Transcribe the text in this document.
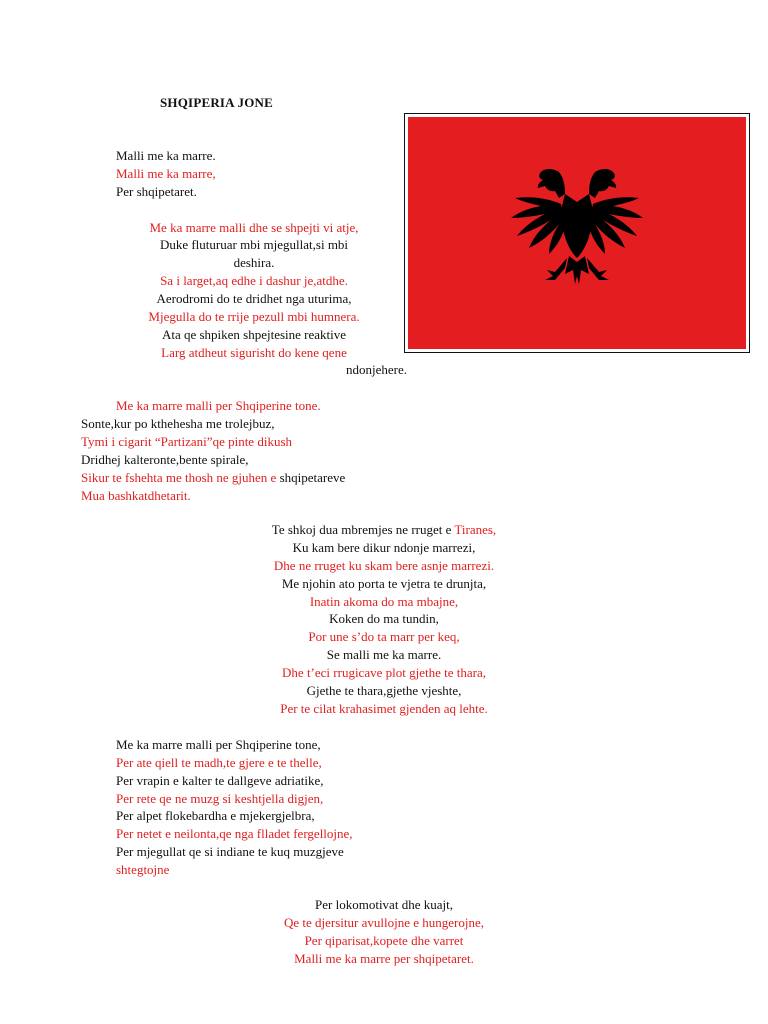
SHQIPERIA JONE
Malli me ka marre.
Malli me ka marre,
Per shqipetaret.
Me ka marre malli dhe se shpejti vi atje,
Duke fluturuar mbi mjegullat,si mbi
deshira.
Sa i larget,aq edhe i dashur je,atdhe.
Aerodromi do te dridhet nga uturima,
Mjegulla do te rrije pezull mbi humnera.
Ata qe shpiken shpejtesine reaktive
Larg atdheut sigurisht do kene qene
ndonjehere.
Me ka marre malli per Shqiperine tone.
Sonte,kur po kthehesha me trolejbuz,
Tymi i cigarit “Partizani”qe pinte dikush
Dridhej kalteronte,bente spirale,
Sikur te fshehta me thosh ne gjuhen e shqipetareve
Mua bashkatdhetarit.
Te shkoj dua mbremjes ne rruget e Tiranes,
Ku kam bere dikur ndonje marrezi,
Dhe ne rruget ku skam bere asnje marrezi.
Me njohin ato porta te vjetra te drunjta,
Inatin akoma do ma mbajne,
Koken do ma tundin,
Por une s’do ta marr per keq,
Se malli me ka marre.
Dhe t’eci rrugicave plot gjethe te thara,
Gjethe te thara,gjethe vjeshte,
Per te cilat krahasimet gjenden aq lehte.
Me ka marre malli per Shqiperine tone,
Per ate qiell te madh,te gjere e te thelle,
Per vrapin e kalter te dallgeve adriatike,
Per rete qe ne muzg si keshtjella digjen,
Per alpet flokebardha e mjekergjelbra,
Per netet e neilonta,qe nga flladet fergellojne,
Per mjegullat qe si indiane te kuq muzgjeve
shtegtojne
Per lokomotivat dhe kuajt,
Qe te djersitur avullojne e hungerojne,
Per qiparisat,kopete dhe varret
Malli me ka marre per shqipetaret.
